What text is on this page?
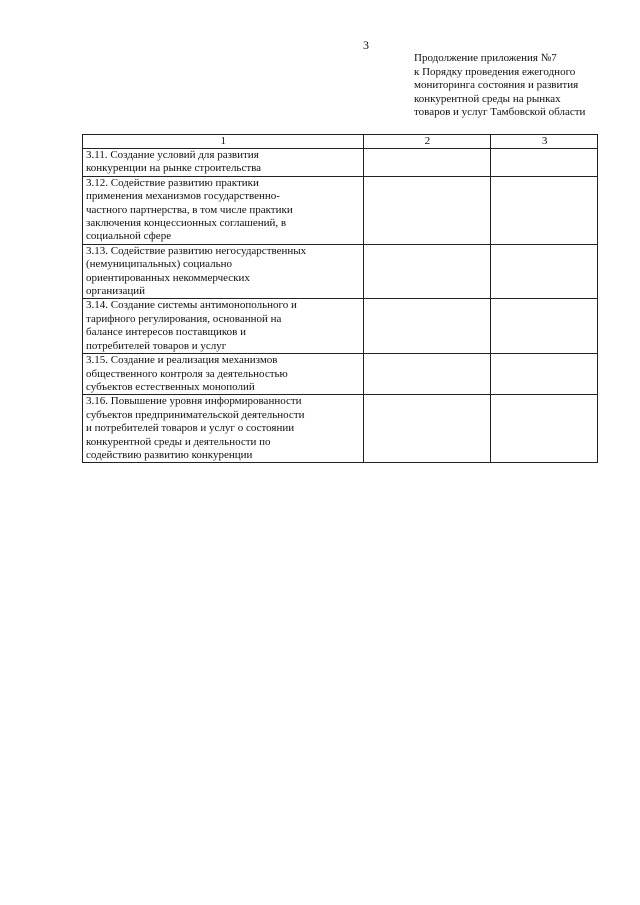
3
Продолжение приложения №7
к Порядку проведения ежегодного
мониторинга состояния и развития
конкурентной среды на рынках
товаров и услуг Тамбовской области
1	2	3
3.11. Создание условий для развития
конкуренции на рынке строительства		
3.12. Содействие развитию практики
применения механизмов государственно-
частного партнерства, в том числе практики
заключения концессионных соглашений, в
социальной сфере		
3.13. Содействие развитию негосударственных
(немуниципальных) социально
ориентированных некоммерческих
организаций		
3.14. Создание системы антимонопольного и
тарифного регулирования, основанной на
балансе интересов поставщиков и
потребителей товаров и услуг		
3.15. Создание и реализация механизмов
общественного контроля за деятельностью
субъектов естественных монополий		
3.16. Повышение уровня информированности
субъектов предпринимательской деятельности
и потребителей товаров и услуг о состоянии
конкурентной среды и деятельности по
содействию развитию конкуренции		
